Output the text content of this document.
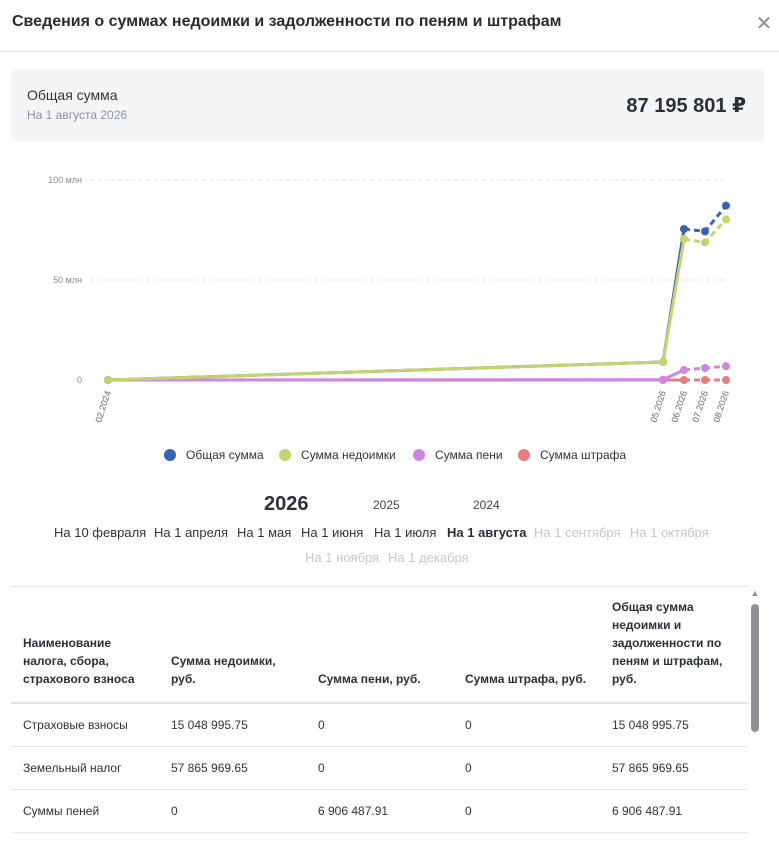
Сведения о суммах недоимки и задолженности по пеням и штрафам	✕
Общая сумма
На 1 августа 2026	87 195 801 ₽
0
50 млн
100 млн
02.2024	05.2026 06.2026 07.2026 08.2026
Общая сумма	Сумма недоимки	Сумма пени	Сумма штрафа
2026	2025	2024
На 10 февраля На 1 апреля На 1 мая На 1 июня На 1 июля На 1 августа На 1 сентября На 1 октября
На 1 ноября На 1 декабря
Наименование налога, сбора, страхового взноса	Сумма недоимки, руб.	Сумма пени, руб.	Сумма штрафа, руб.	Общая сумма недоимки и задолженности по пеням и штрафам, руб.
Страховые взносы	15 048 995.75	0	0	15 048 995.75
Земельный налог	57 865 969.65	0	0	57 865 969.65
Суммы пеней	0	6 906 487.91	0	6 906 487.91
▲
